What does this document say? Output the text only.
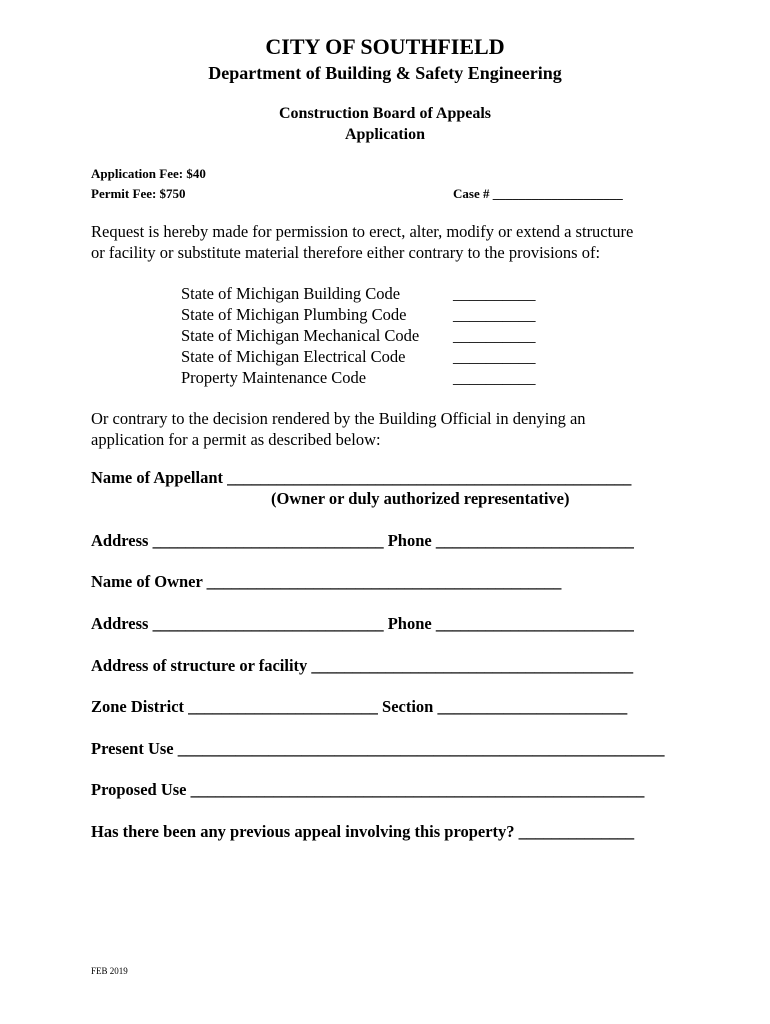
CITY OF SOUTHFIELD
Department of Building & Safety Engineering
Construction Board of Appeals
Application
Application Fee: $40
Permit Fee: $750	Case # ____________________
Request is hereby made for permission to erect, alter, modify or extend a structure
or facility or substitute material therefore either contrary to the provisions of:
State of Michigan Building Code	__________
State of Michigan Plumbing Code	__________
State of Michigan Mechanical Code __________
State of Michigan Electrical Code	__________
Property Maintenance Code	__________
Or contrary to the decision rendered by the Building Official in denying an
application for a permit as described below:
Name of Appellant _________________________________________________
(Owner or duly authorized representative)
Address ____________________________ Phone ________________________
Name of Owner ___________________________________________
Address ____________________________ Phone ________________________
Address of structure or facility _______________________________________
Zone District _______________________ Section _______________________
Present Use ___________________________________________________________
Proposed Use _______________________________________________________
Has there been any previous appeal involving this property? ______________
FEB 2019
